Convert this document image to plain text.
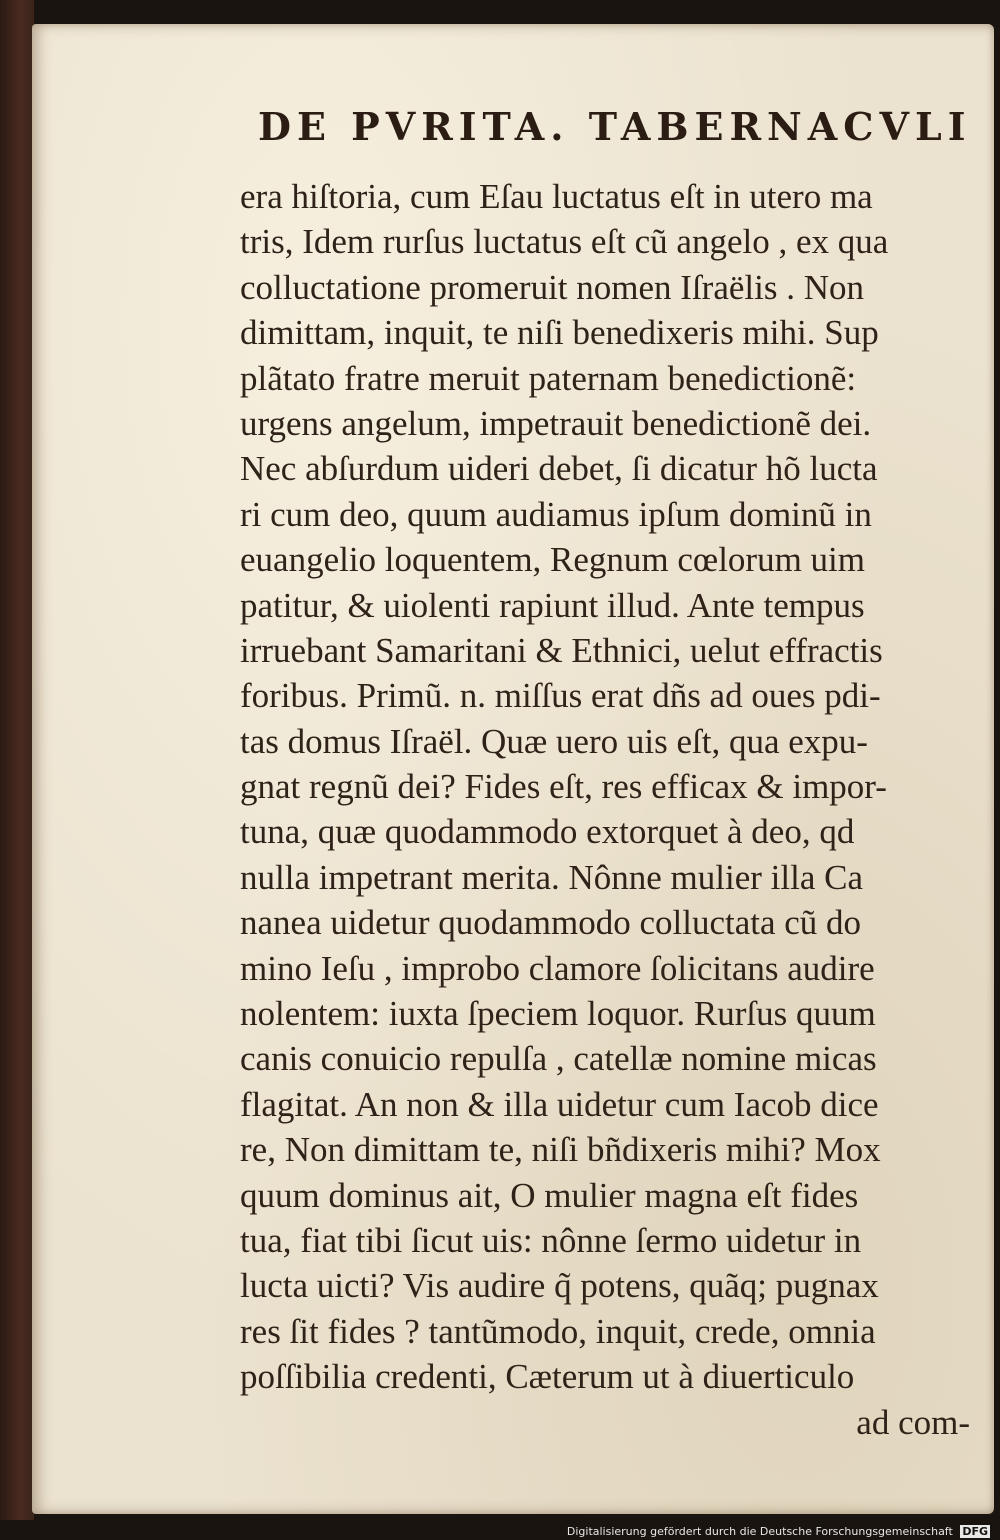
DE PVRITA. TABERNACVLI
era hiſtoria, cum Eſau luctatus eſt in utero ma
tris, Idem rurſus luctatus eſt cũ angelo , ex qua
colluctatione promeruit nomen Iſraëlis . Non
dimittam, inquit, te niſi benedixeris mihi. Sup
plãtato fratre meruit paternam benedictionẽ:
urgens angelum, impetrauit benedictionẽ dei.
Nec abſurdum uideri debet, ſi dicatur hõ lucta
ri cum deo, quum audiamus ipſum dominũ in
euangelio loquentem, Regnum cœlorum uim
patitur, & uiolenti rapiunt illud. Ante tempus
irruebant Samaritani & Ethnici, uelut effractis
foribus. Primũ. n. miſſus erat dñs ad oues pdi-
tas domus Iſraël. Quæ uero uis eſt, qua expu-
gnat regnũ dei? Fides eſt, res efficax & impor-
tuna, quæ quodammodo extorquet à deo, qd
nulla impetrant merita. Nônne mulier illa Ca
nanea uidetur quodammodo colluctata cũ do
mino Ieſu , improbo clamore ſolicitans audire
nolentem: iuxta ſpeciem loquor. Rurſus quum
canis conuicio repulſa , catellæ nomine micas
flagitat. An non & illa uidetur cum Iacob dice
re, Non dimittam te, niſi bñdixeris mihi? Mox
quum dominus ait, O mulier magna eſt fides
tua, fiat tibi ſicut uis: nônne ſermo uidetur in
lucta uicti? Vis audire q̃ potens, quãq; pugnax
res ſit fides ? tantũmodo, inquit, crede, omnia
poſſibilia credenti, Cæterum ut à diuerticulo
ad com-
Digitalisierung gefördert durch die Deutsche Forschungsgemeinschaft DFG
